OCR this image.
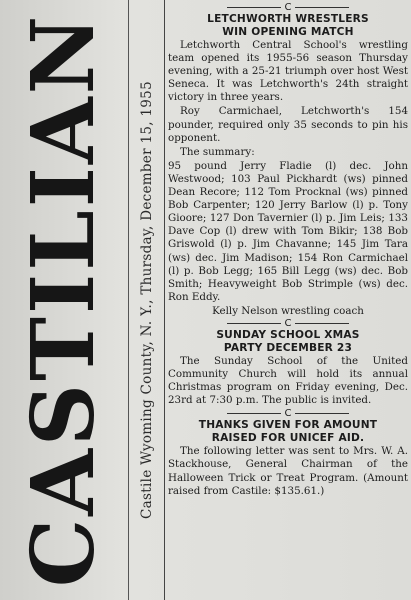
CASTILIAN Castile Wyoming County, N. Y., Thursday, December 15, 1955
C
LETCHWORTH WRESTLERS
WIN OPENING MATCH

Letchworth Central School's wrestling team opened its 1955-56 season Thursday evening, with a 25-21 triumph over host West Seneca. It was Letchworth's 24th straight victory in three years.

Roy Carmichael, Letchworth's 154 pounder, required only 35 seconds to pin his opponent.

The summary:

95 pound Jerry Fladie (l) dec. John Westwood; 103 Paul Pickhardt (ws) pinned Dean Recore; 112 Tom Procknal (ws) pinned Bob Carpenter; 120 Jerry Barlow (l) p. Tony Gioore; 127 Don Tavernier (l) p. Jim Leis; 133 Dave Cop (l) drew with Tom Bikir; 138 Bob Griswold (l) p. Jim Chavanne; 145 Jim Tara (ws) dec. Jim Madison; 154 Ron Carmichael (l) p. Bob Legg; 165 Bill Legg (ws) dec. Bob Smith; Heavyweight Bob Strimple (ws) dec. Ron Eddy.

Kelly Nelson wrestling coach

C
SUNDAY SCHOOL XMAS
PARTY DECEMBER 23

The Sunday School of the United Community Church will hold its annual Christmas program on Friday evening, Dec. 23rd at 7:30 p.m. The public is invited.

C
THANKS GIVEN FOR AMOUNT
RAISED FOR UNICEF AID.

The following letter was sent to Mrs. W. A. Stackhouse, General Chairman of the Halloween Trick or Treat Program. (Amount raised from Castile: $135.61.)
